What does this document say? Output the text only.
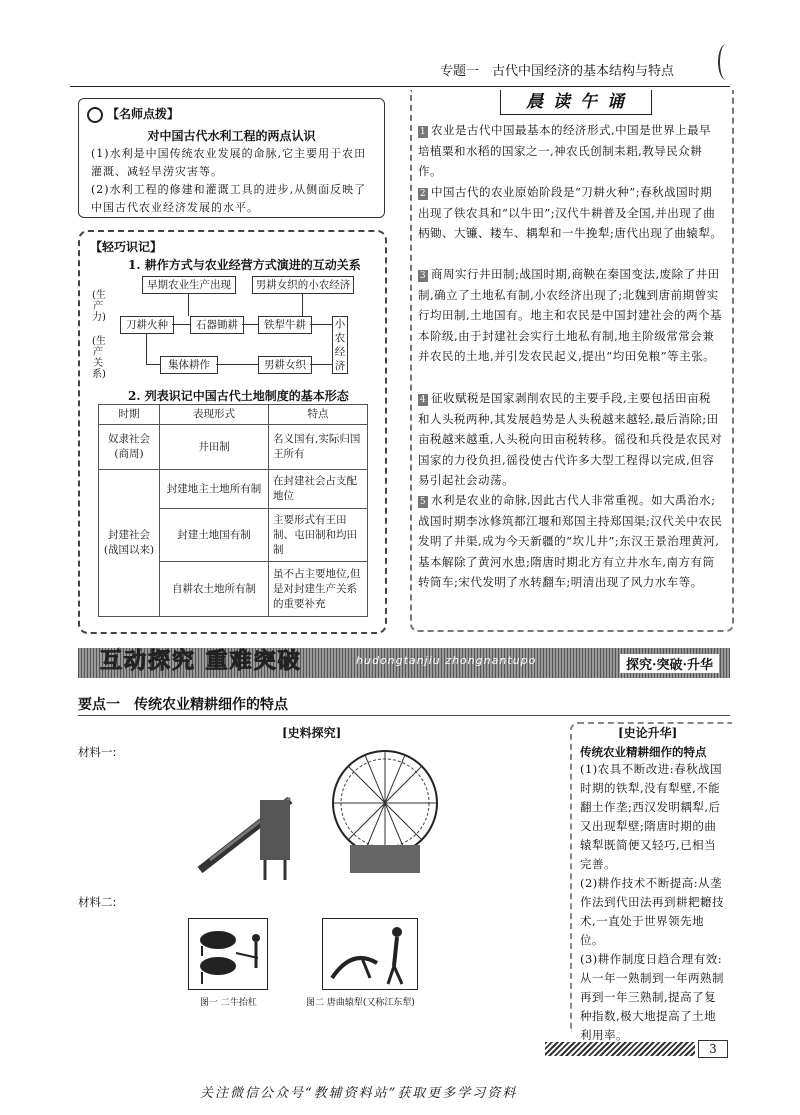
专题一　古代中国经济的基本结构与特点
【名师点拨】
对中国古代水利工程的两点认识

(1)水利是中国传统农业发展的命脉,它主要用于农田灌溉、减轻旱涝灾害等。

(2)水利工程的修建和灌溉工具的进步,从侧面反映了中国古代农业经济发展的水平。

【轻巧识记】
1. 耕作方式与农业经营方式演进的互动关系
2. 列表识记中国古代土地制度的基本形态
(生产力)
(生产关系)
早期农业生产出现	男耕女织的小农经济
刀耕火种	石器锄耕	铁犁牛耕
集体耕作	男耕女织
小农经济
时期	表现形式	特点
奴隶社会(商周)	井田制	名义国有,实际归国王所有
封建社会(战国以来)	封建地主土地所有制	在封建社会占支配地位
	封建土地国有制	主要形式有王田制、屯田制和均田制
	自耕农土地所有制	虽不占主要地位,但是对封建生产关系的重要补充
晨 读 午 诵
1 农业是古代中国最基本的经济形式,中国是世界上最早培植粟和水稻的国家之一,神农氏创制耒耜,教导民众耕作。
2 中国古代的农业原始阶段是“刀耕火种”;春秋战国时期出现了铁农具和“以牛田”;汉代牛耕普及全国,并出现了曲柄锄、大镰、耧车、耦犁和一牛挽犁;唐代出现了曲辕犁。
3 商周实行井田制;战国时期,商鞅在秦国变法,废除了井田制,确立了土地私有制,小农经济出现了;北魏到唐前期曾实行均田制,土地国有。地主和农民是中国封建社会的两个基本阶级,由于封建社会实行土地私有制,地主阶级常常会兼并农民的土地,并引发农民起义,提出“均田免粮”等主张。
4 征收赋税是国家剥削农民的主要手段,主要包括田亩税和人头税两种,其发展趋势是人头税越来越轻,最后消除;田亩税越来越重,人头税向田亩税转移。徭役和兵役是农民对国家的力役负担,徭役使古代许多大型工程得以完成,但容易引起社会动荡。
5 水利是农业的命脉,因此古代人非常重视。如大禹治水;战国时期李冰修筑都江堰和郑国主持郑国渠;汉代关中农民发明了井渠,成为今天新疆的“坎儿井”;东汉王景治理黄河,基本解除了黄河水患;隋唐时期北方有立井水车,南方有筒转筒车;宋代发明了水转翻车;明清出现了风力水车等。
互动探究 重难突破	hudongtanjiu zhongnantupo	探究·突破·升华
要点一　传统农业精耕细作的特点
[史料探究]
材料一:
材料二:
图一 二牛抬杠	图二 唐曲辕犁(又称江东犁)
[史论升华]
传统农业精耕细作的特点

(1)农具不断改进:春秋战国时期的铁犁,没有犁壁,不能翻土作垄;西汉发明耦犁,后又出现犁壁;隋唐时期的曲辕犁既简便又轻巧,已相当完善。

(2)耕作技术不断提高:从垄作法到代田法再到耕耙耱技术,一直处于世界领先地位。

(3)耕作制度日趋合理有效:从一年一熟制到一年两熟制再到一年三熟制,提高了复种指数,极大地提高了土地利用率。

3
关注微信公众号“教辅资料站”获取更多学习资料
